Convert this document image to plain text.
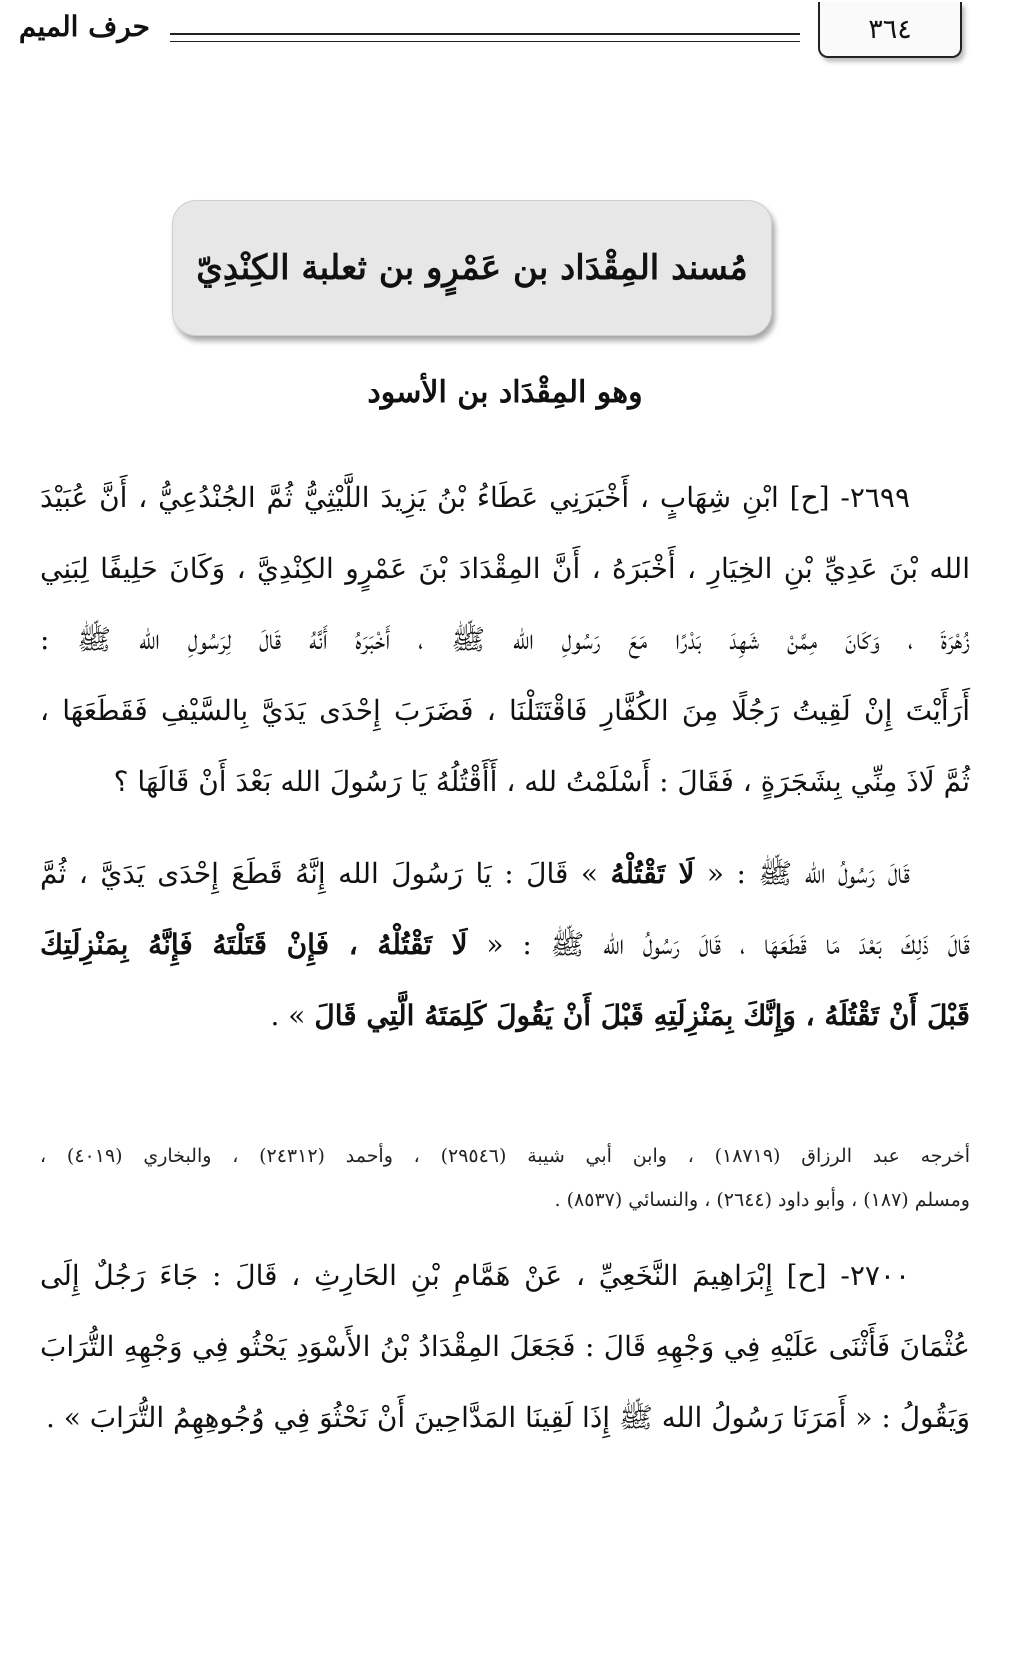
٣٦٤
حرف الميم
مُسند المِقْدَاد بن عَمْرٍو بن ثعلبة الكِنْدِيّ
وهو المِقْدَاد بن الأسود
٢٦٩٩- [ح] ابْنِ شِهَابٍ ، أَخْبَرَنِي عَطَاءُ بْنُ يَزِيدَ اللَّيْثِيُّ ثُمَّ الجُنْدُعِيُّ ، أَنَّ عُبَيْدَ
الله بْنَ عَدِيِّ بْنِ الخِيَارِ ، أَخْبَرَهُ ، أَنَّ المِقْدَادَ بْنَ عَمْرٍو الكِنْدِيَّ ، وَكَانَ حَلِيفًا لِبَنِي
زُهْرَةَ ، وَكَانَ مِمَّنْ شَهِدَ بَدْرًا مَعَ رَسُولِ الله ﷺ ، أَخْبَرَهُ أَنَّهُ قَالَ لِرَسُولِ الله ﷺ :
أَرَأَيْتَ إِنْ لَقِيتُ رَجُلًا مِنَ الكُفَّارِ فَاقْتَتَلْنَا ، فَضَرَبَ إِحْدَى يَدَيَّ بِالسَّيْفِ فَقَطَعَهَا ،
ثُمَّ لَاذَ مِنِّي بِشَجَرَةٍ ، فَقَالَ : أَسْلَمْتُ لله ، أَأَقْتُلُهُ يَا رَسُولَ الله بَعْدَ أَنْ قَالَهَا ؟
قَالَ رَسُولُ الله ﷺ : « لَا تَقْتُلْهُ » قَالَ : يَا رَسُولَ الله إِنَّهُ قَطَعَ إِحْدَى يَدَيَّ ، ثُمَّ
قَالَ ذَلِكَ بَعْدَ مَا قَطَعَهَا ، قَالَ رَسُولُ الله ﷺ : « لَا تَقْتُلْهُ ، فَإِنْ قَتَلْتَهُ فَإِنَّهُ بِمَنْزِلَتِكَ
قَبْلَ أَنْ تَقْتُلَهُ ، وَإِنَّكَ بِمَنْزِلَتِهِ قَبْلَ أَنْ يَقُولَ كَلِمَتَهُ الَّتِي قَالَ » .
أخرجه عبد الرزاق (١٨٧١٩) ، وابن أبي شيبة (٢٩٥٤٦) ، وأحمد (٢٤٣١٢) ، والبخاري (٤٠١٩) ،
ومسلم (١٨٧) ، وأبو داود (٢٦٤٤) ، والنسائي (٨٥٣٧) .
٢٧٠٠- [ح] إِبْرَاهِيمَ النَّخَعِيِّ ، عَنْ هَمَّامِ بْنِ الحَارِثِ ، قَالَ : جَاءَ رَجُلٌ إِلَى
عُثْمَانَ فَأَثْنَى عَلَيْهِ فِي وَجْهِهِ قَالَ : فَجَعَلَ المِقْدَادُ بْنُ الأَسْوَدِ يَحْثُو فِي وَجْهِهِ التُّرَابَ
وَيَقُولُ : « أَمَرَنَا رَسُولُ الله ﷺ إِذَا لَقِينَا المَدَّاحِينَ أَنْ نَحْثُوَ فِي وُجُوهِهِمُ التُّرَابَ » .
